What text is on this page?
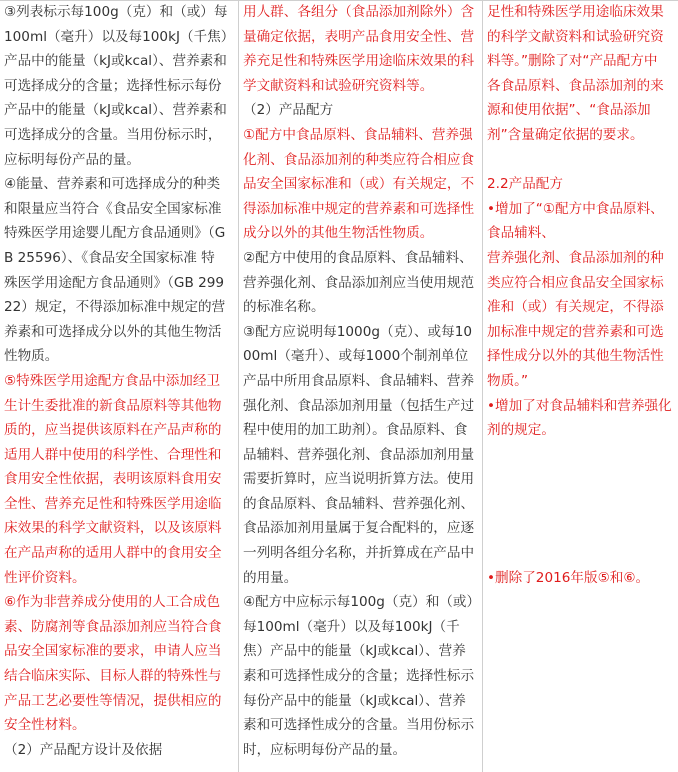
③列表标示每100g（克）和（或）每
100ml（毫升）以及每100kJ（千焦）
产品中的能量（kJ或kcal）、营养素和
可选择成分的含量；选择性标示每份
产品中的能量（kJ或kcal）、营养素和
可选择成分的含量。当用份标示时，
应标明每份产品的量。
④能量、营养素和可选择成分的种类
和限量应当符合《食品安全国家标准
特殊医学用途婴儿配方食品通则》（G
B 25596）、《食品安全国家标准 特
殊医学用途配方食品通则》（GB 299
22）规定，不得添加标准中规定的营
养素和可选择成分以外的其他生物活
性物质。
⑤特殊医学用途配方食品中添加经卫
生计生委批准的新食品原料等其他物
质的，应当提供该原料在产品声称的
适用人群中使用的科学性、合理性和
食用安全性依据，表明该原料食用安
全性、营养充足性和特殊医学用途临
床效果的科学文献资料，以及该原料
在产品声称的适用人群中的食用安全
性评价资料。
⑥作为非营养成分使用的人工合成色
素、防腐剂等食品添加剂应当符合食
品安全国家标准的要求，申请人应当
结合临床实际、目标人群的特殊性与
产品工艺必要性等情况，提供相应的
安全性材料。
（2）产品配方设计及依据
用人群、各组分（食品添加剂除外）含
量确定依据，表明产品食用安全性、营
养充足性和特殊医学用途临床效果的科
学文献资料和试验研究资料等。
（2）产品配方
①配方中食品原料、食品辅料、营养强
化剂、食品添加剂的种类应符合相应食
品安全国家标准和（或）有关规定，不
得添加标准中规定的营养素和可选择性
成分以外的其他生物活性物质。
②配方中使用的食品原料、食品辅料、
营养强化剂、食品添加剂应当使用规范
的标准名称。
③配方应说明每1000g（克）、或每10
00ml（毫升）、或每1000个制剂单位
产品中所用食品原料、食品辅料、营养
强化剂、食品添加剂用量（包括生产过
程中使用的加工助剂）。食品原料、食
品辅料、营养强化剂、食品添加剂用量
需要折算时，应当说明折算方法。使用
的食品原料、食品辅料、营养强化剂、
食品添加剂用量属于复合配料的，应逐
一列明各组分名称，并折算成在产品中
的用量。
④配方中应标示每100g（克）和（或）
每100ml（毫升）以及每100kJ（千
焦）产品中的能量（kJ或kcal）、营养
素和可选择性成分的含量；选择性标示
每份产品中的能量（kJ或kcal）、营养
素和可选择性成分的含量。当用份标示
时，应标明每份产品的量。
足性和特殊医学用途临床效果
的科学文献资料和试验研究资
料等。”删除了对“产品配方中
各食品原料、食品添加剂的来
源和使用依据”、“食品添加
剂”含量确定依据的要求。
2.2产品配方
•增加了“①配方中食品原料、
食品辅料、
营养强化剂、食品添加剂的种
类应符合相应食品安全国家标
准和（或）有关规定，不得添
加标准中规定的营养素和可选
择性成分以外的其他生物活性
物质。”
•增加了对食品辅料和营养强化
剂的规定。
•删除了2016年版⑤和⑥。
